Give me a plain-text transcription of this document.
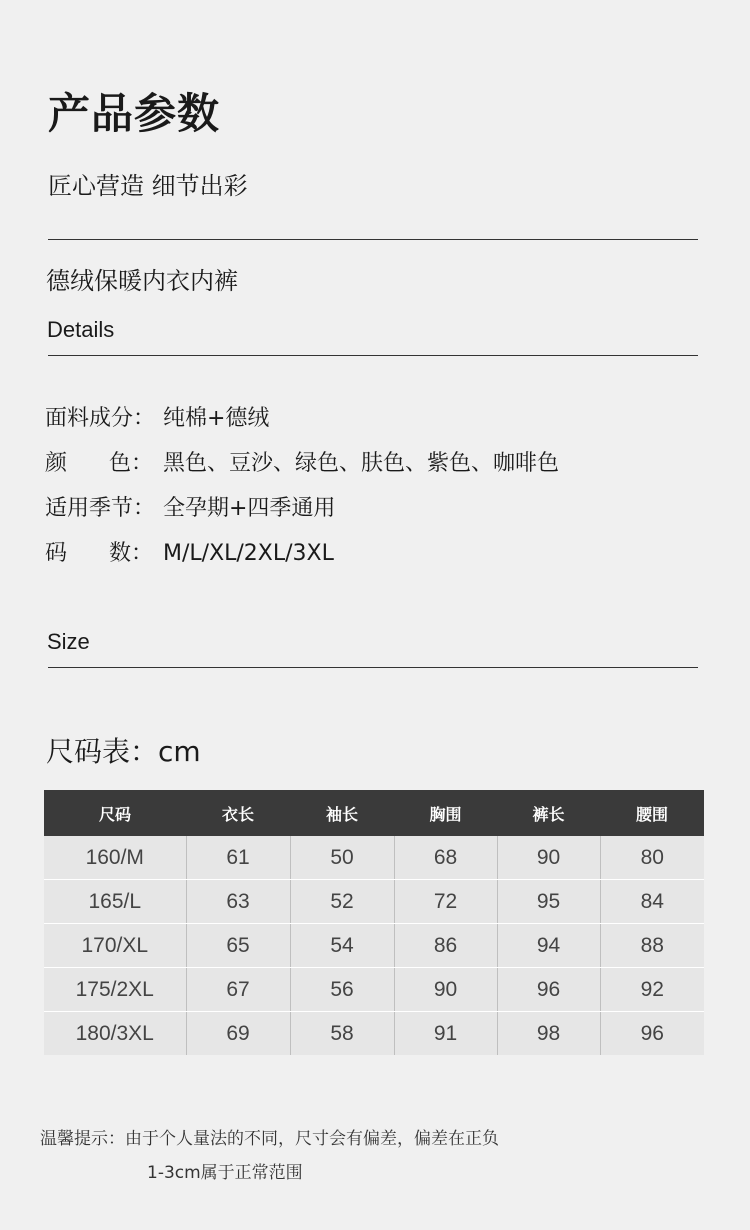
产品参数
匠心营造 细节出彩
德绒保暖内衣内裤
Details
面料成分： 纯棉+德绒
颜      色： 黑色、豆沙、绿色、肤色、紫色、咖啡色
适用季节： 全孕期+四季通用
码      数： M/L/XL/2XL/3XL
Size
尺码表：cm
尺码	衣长	袖长	胸围	裤长	腰围
160/M	61	50	68	90	80
165/L	63	52	72	95	84
170/XL	65	54	86	94	88
175/2XL	67	56	90	96	92
180/3XL	69	58	91	98	96
温馨提示：由于个人量法的不同，尺寸会有偏差，偏差在正负
1-3cm属于正常范围
